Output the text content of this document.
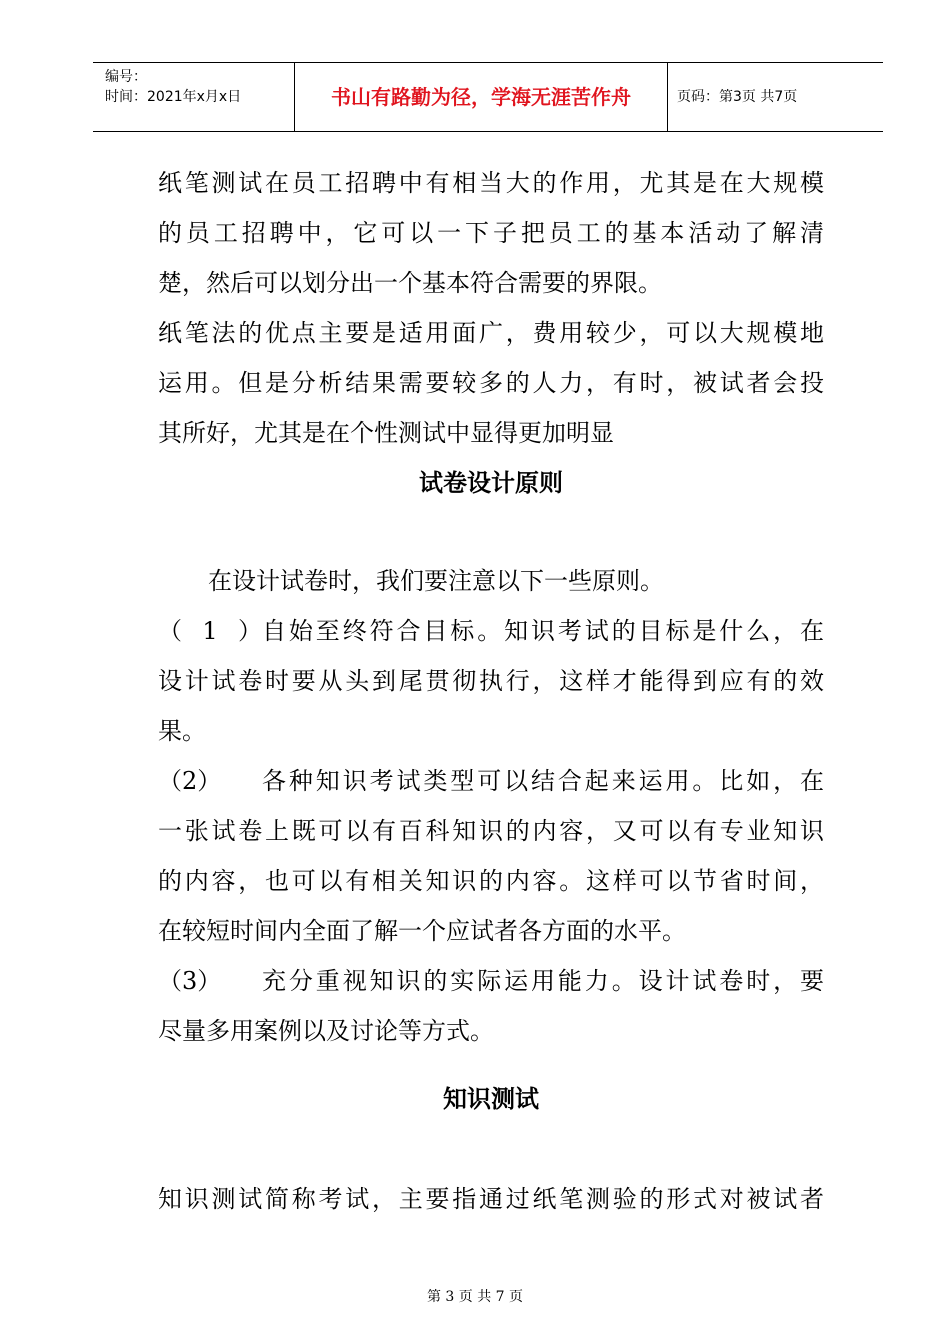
编号：
时间：2021年x月x日	书山有路勤为径，学海无涯苦作舟	页码：第3页 共7页
纸笔测试在员工招聘中有相当大的作用，尤其是在大规模
的员工招聘中，它可以一下子把员工的基本活动了解清
楚，然后可以划分出一个基本符合需要的界限。
纸笔法的优点主要是适用面广，费用较少，可以大规模地
运用。但是分析结果需要较多的人力，有时，被试者会投
其所好，尤其是在个性测试中显得更加明显
试卷设计原则
在设计试卷时，我们要注意以下一些原则。
（1）自始至终符合目标。知识考试的目标是什么，在
设计试卷时要从头到尾贯彻执行，这样才能得到应有的效
果。
（2） 各种知识考试类型可以结合起来运用。比如，在
一张试卷上既可以有百科知识的内容，又可以有专业知识
的内容，也可以有相关知识的内容。这样可以节省时间，
在较短时间内全面了解一个应试者各方面的水平。
（3） 充分重视知识的实际运用能力。设计试卷时，要
尽量多用案例以及讨论等方式。
知识测试
知识测试简称考试，主要指通过纸笔测验的形式对被试者
第 3 页 共 7 页
